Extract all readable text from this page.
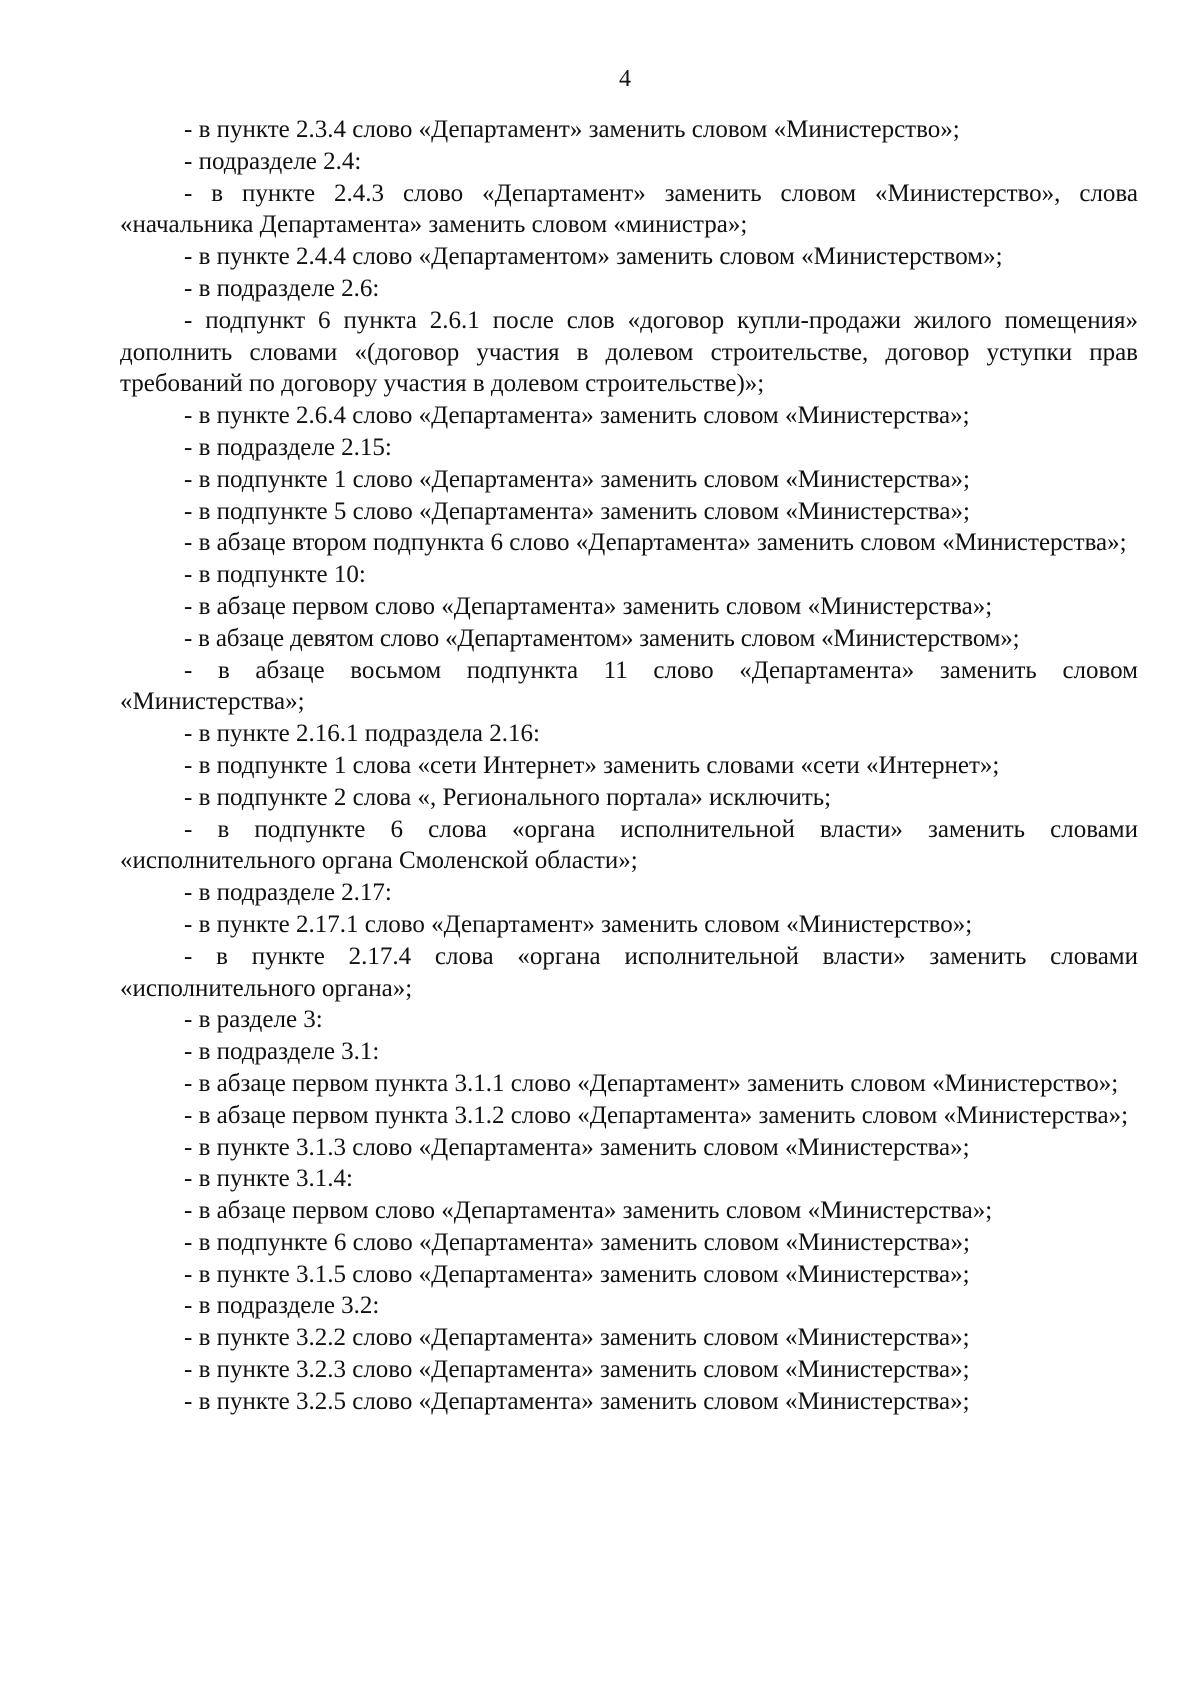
4

- в пункте 2.3.4 слово «Департамент» заменить словом «Министерство»;

- подразделе 2.4:

- в пункте 2.4.3 слово «Департамент» заменить словом «Министерство», слова «начальника Департамента» заменить словом «министра»;

- в пункте 2.4.4 слово «Департаментом» заменить словом «Министерством»;

- в подразделе 2.6:

- подпункт 6 пункта 2.6.1 после слов «договор купли-продажи жилого помещения» дополнить словами «(договор участия в долевом строительстве, договор уступки прав требований по договору участия в долевом строительстве)»;

- в пункте 2.6.4 слово «Департамента» заменить словом «Министерства»;

- в подразделе 2.15:

- в подпункте 1 слово «Департамента» заменить словом «Министерства»;

- в подпункте 5 слово «Департамента» заменить словом «Министерства»;

- в абзаце втором подпункта 6 слово «Департамента» заменить словом «Министерства»;

- в подпункте 10:

- в абзаце первом слово «Департамента» заменить словом «Министерства»;

- в абзаце девятом слово «Департаментом» заменить словом «Министерством»;

- в абзаце восьмом подпункта 11 слово «Департамента» заменить словом «Министерства»;

- в пункте 2.16.1 подраздела 2.16:

- в подпункте 1 слова «сети Интернет» заменить словами «сети «Интернет»;

- в подпункте 2 слова «, Регионального портала» исключить;

- в подпункте 6 слова «органа исполнительной власти» заменить словами «исполнительного органа Смоленской области»;

- в подразделе 2.17:

- в пункте 2.17.1 слово «Департамент» заменить словом «Министерство»;

- в пункте 2.17.4 слова «органа исполнительной власти» заменить словами «исполнительного органа»;

- в разделе 3:

- в подразделе 3.1:

- в абзаце первом пункта 3.1.1 слово «Департамент» заменить словом «Министерство»;

- в абзаце первом пункта 3.1.2 слово «Департамента» заменить словом «Министерства»;

- в пункте 3.1.3 слово «Департамента» заменить словом «Министерства»;

- в пункте 3.1.4:

- в абзаце первом слово «Департамента» заменить словом «Министерства»;

- в подпункте 6 слово «Департамента» заменить словом «Министерства»;

- в пункте 3.1.5 слово «Департамента» заменить словом «Министерства»;

- в подразделе 3.2:

- в пункте 3.2.2 слово «Департамента» заменить словом «Министерства»;

- в пункте 3.2.3 слово «Департамента» заменить словом «Министерства»;

- в пункте 3.2.5 слово «Департамента» заменить словом «Министерства»;
